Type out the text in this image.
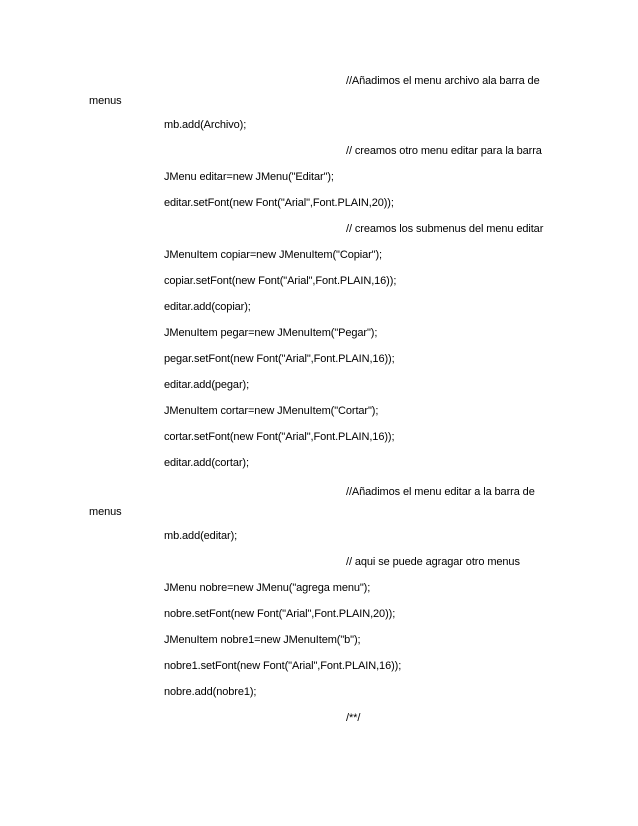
//Añadimos el menu archivo ala barra de
menus
mb.add(Archivo);
// creamos otro menu editar para la barra
JMenu editar=new JMenu("Editar");
editar.setFont(new Font("Arial",Font.PLAIN,20));
// creamos los submenus del menu editar
JMenuItem copiar=new JMenuItem("Copiar");
copiar.setFont(new Font("Arial",Font.PLAIN,16));
editar.add(copiar);
JMenuItem pegar=new JMenuItem("Pegar");
pegar.setFont(new Font("Arial",Font.PLAIN,16));
editar.add(pegar);
JMenuItem cortar=new JMenuItem("Cortar");
cortar.setFont(new Font("Arial",Font.PLAIN,16));
editar.add(cortar);
//Añadimos el menu editar a la barra de
menus
mb.add(editar);
// aqui se puede agragar otro menus
JMenu nobre=new JMenu("agrega menu");
nobre.setFont(new Font("Arial",Font.PLAIN,20));
JMenuItem nobre1=new JMenuItem("b");
nobre1.setFont(new Font("Arial",Font.PLAIN,16));
nobre.add(nobre1);
/**/
